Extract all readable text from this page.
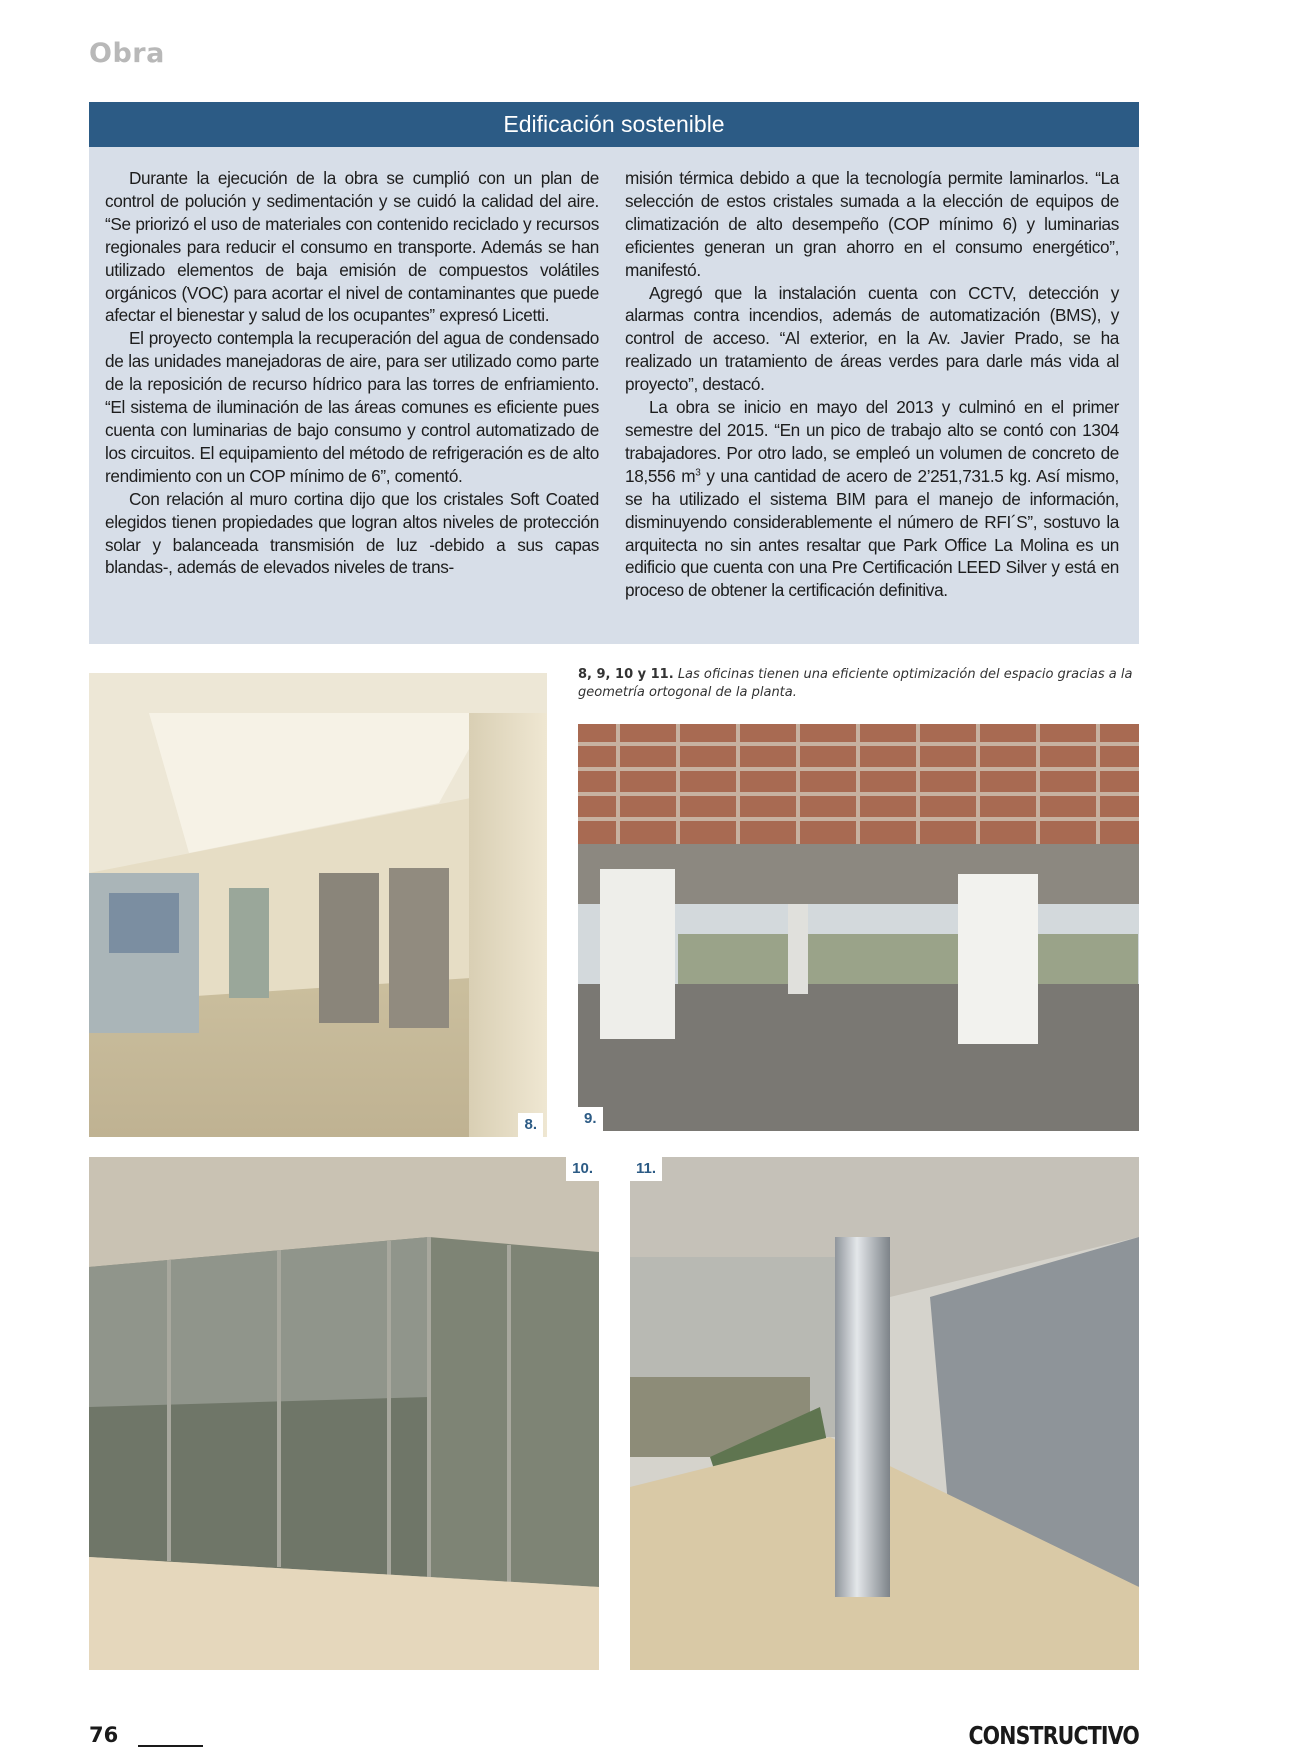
Obra
Edificación sostenible

Durante la ejecución de la obra se cumplió con un plan de control de polución y sedimentación y se cuidó la calidad del aire. “Se priorizó el uso de materiales con contenido reciclado y recursos regionales para reducir el consumo en transporte. Además se han utilizado elementos de baja emisión de compuestos volátiles orgánicos (VOC) para acortar el nivel de contaminantes que puede afectar el bienestar y salud de los ocupantes” expresó Licetti.

El proyecto contempla la recuperación del agua de condensado de las unidades manejadoras de aire, para ser utilizado como parte de la reposición de recurso hídrico para las torres de enfriamiento. “El sistema de iluminación de las áreas comunes es eficiente pues cuenta con luminarias de bajo consumo y control automatizado de los circuitos. El equipamiento del método de refrigeración es de alto rendimiento con un COP mínimo de 6”, comentó.

Con relación al muro cortina dijo que los cristales Soft Coated elegidos tienen propiedades que logran altos niveles de protección solar y balanceada transmisión de luz -debido a sus capas blandas-, además de elevados niveles de trans-

misión térmica debido a que la tecnología permite laminarlos. “La selección de estos cristales sumada a la elección de equipos de climatización de alto desempeño (COP mínimo 6) y luminarias eficientes generan un gran ahorro en el consumo energético”, manifestó.

Agregó que la instalación cuenta con CCTV, detección y alarmas contra incendios, además de automatización (BMS), y control de acceso. “Al exterior, en la Av. Javier Prado, se ha realizado un tratamiento de áreas verdes para darle más vida al proyecto”, destacó.

La obra se inicio en mayo del 2013 y culminó en el primer semestre del 2015. “En un pico de trabajo alto se contó con 1304 trabajadores. Por otro lado, se empleó un volumen de concreto de 18,556 $m^3$ y una cantidad de acero de 2’251,731.5 kg. Así mismo, se ha utilizado el sistema BIM para el manejo de información, disminuyendo considerablemente el número de RFI´S”, sostuvo la arquitecta no sin antes resaltar que Park Office La Molina es un edificio que cuenta con una Pre Certificación LEED Silver y está en proceso de obtener la certificación definitiva.

8, 9, 10 y 11. Las oficinas tienen una eficiente optimización del espacio gracias a la geometría ortogonal de la planta.
8.	9.
10.	11.
76	CONSTRUCTIVO
